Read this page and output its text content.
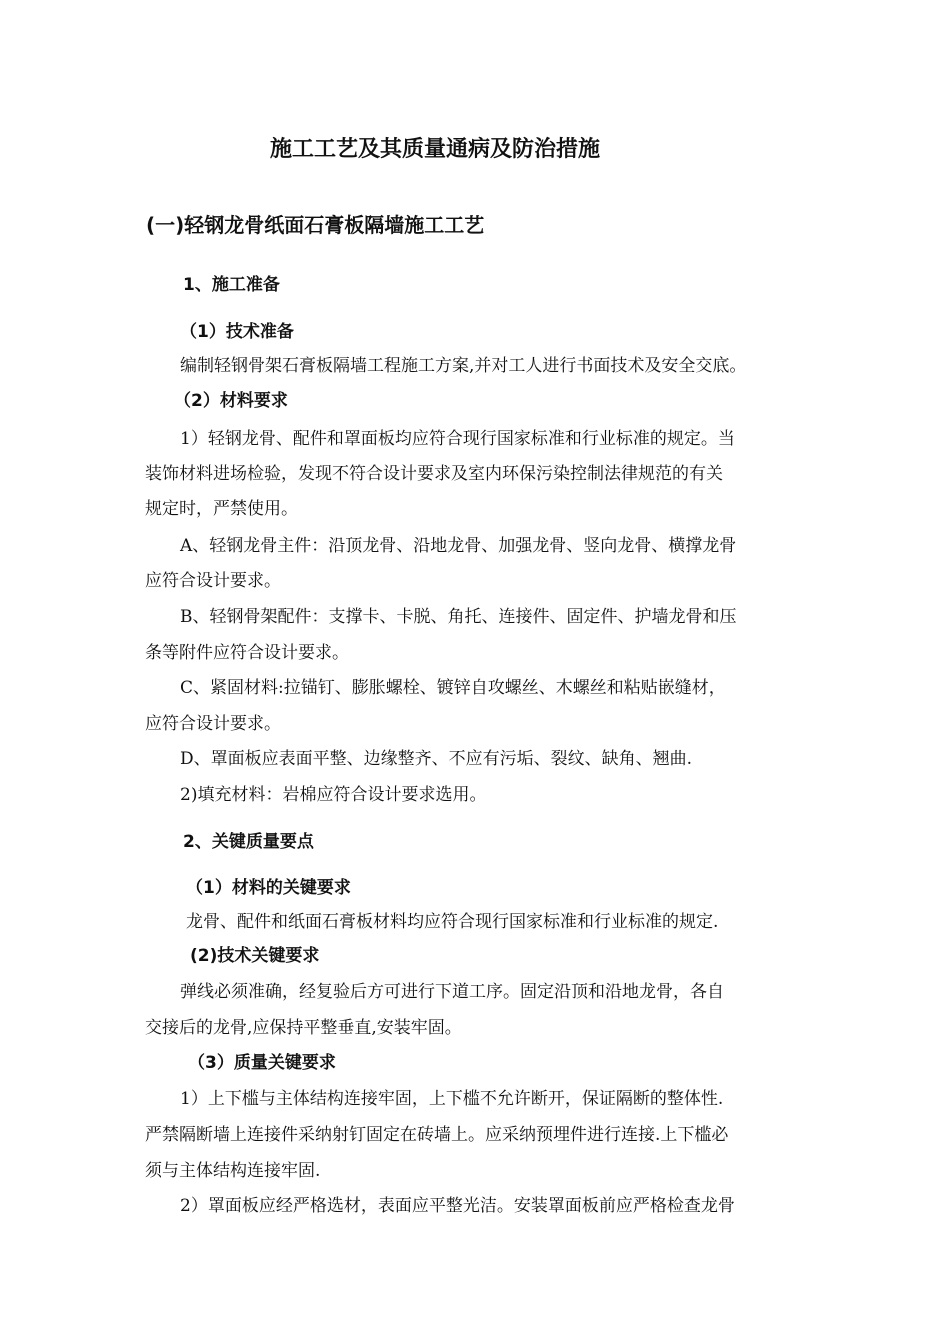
施工工艺及其质量通病及防治措施
(一)轻钢龙骨纸面石膏板隔墙施工工艺
1、施工准备
（1）技术准备
编制轻钢骨架石膏板隔墙工程施工方案,并对工人进行书面技术及安全交底。
（2）材料要求
1）轻钢龙骨、配件和罩面板均应符合现行国家标准和行业标准的规定。当
装饰材料进场检验，发现不符合设计要求及室内环保污染控制法律规范的有关
规定时，严禁使用。
A、轻钢龙骨主件：沿顶龙骨、沿地龙骨、加强龙骨、竖向龙骨、横撑龙骨
应符合设计要求。
B、轻钢骨架配件：支撑卡、卡脱、角托、连接件、固定件、护墙龙骨和压
条等附件应符合设计要求。
C、紧固材料:拉锚钉、膨胀螺栓、镀锌自攻螺丝、木螺丝和粘贴嵌缝材，
应符合设计要求。
D、罩面板应表面平整、边缘整齐、不应有污垢、裂纹、缺角、翘曲.
2)填充材料：岩棉应符合设计要求选用。
2、关键质量要点
（1）材料的关键要求
龙骨、配件和纸面石膏板材料均应符合现行国家标准和行业标准的规定.
(2)技术关键要求
弹线必须准确，经复验后方可进行下道工序。固定沿顶和沿地龙骨，各自
交接后的龙骨,应保持平整垂直,安装牢固。
（3）质量关键要求
1）上下槛与主体结构连接牢固，上下槛不允许断开，保证隔断的整体性.
严禁隔断墙上连接件采纳射钉固定在砖墙上。应采纳预埋件进行连接.上下槛必
须与主体结构连接牢固.
2）罩面板应经严格选材，表面应平整光洁。安装罩面板前应严格检查龙骨
